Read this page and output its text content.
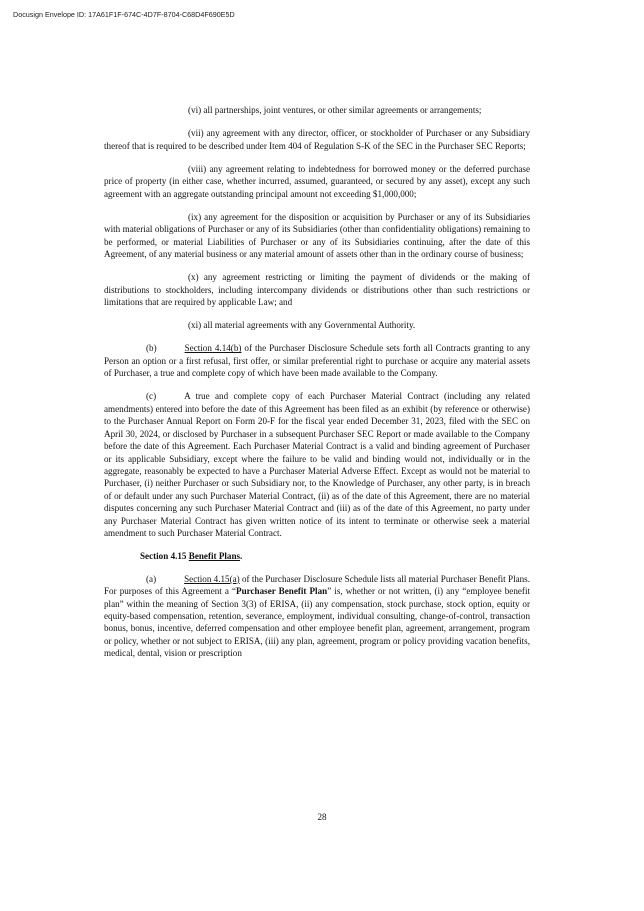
Docusign Envelope ID: 17A61F1F-674C-4D7F-8704-C68D4F690E5D

(vi) all partnerships, joint ventures, or other similar agreements or arrangements;

(vii) any agreement with any director, officer, or stockholder of Purchaser or any Subsidiary thereof that is required to be described under Item 404 of Regulation S-K of the SEC in the Purchaser SEC Reports;

(viii) any agreement relating to indebtedness for borrowed money or the deferred purchase price of property (in either case, whether incurred, assumed, guaranteed, or secured by any asset), except any such agreement with an aggregate outstanding principal amount not exceeding $1,000,000;

(ix) any agreement for the disposition or acquisition by Purchaser or any of its Subsidiaries with material obligations of Purchaser or any of its Subsidiaries (other than confidentiality obligations) remaining to be performed, or material Liabilities of Purchaser or any of its Subsidiaries continuing, after the date of this Agreement, of any material business or any material amount of assets other than in the ordinary course of business;

(x) any agreement restricting or limiting the payment of dividends or the making of distributions to stockholders, including intercompany dividends or distributions other than such restrictions or limitations that are required by applicable Law; and

(xi) all material agreements with any Governmental Authority.

(b)	Section 4.14(b) of the Purchaser Disclosure Schedule sets forth all Contracts granting to any Person an option or a first refusal, first offer, or similar preferential right to purchase or acquire any material assets of Purchaser, a true and complete copy of which have been made available to the Company.

(c)	A true and complete copy of each Purchaser Material Contract (including any related amendments) entered into before the date of this Agreement has been filed as an exhibit (by reference or otherwise) to the Purchaser Annual Report on Form 20-F for the fiscal year ended December 31, 2023, filed with the SEC on April 30, 2024, or disclosed by Purchaser in a subsequent Purchaser SEC Report or made available to the Company before the date of this Agreement. Each Purchaser Material Contract is a valid and binding agreement of Purchaser or its applicable Subsidiary, except where the failure to be valid and binding would not, individually or in the aggregate, reasonably be expected to have a Purchaser Material Adverse Effect. Except as would not be material to Purchaser, (i) neither Purchaser or such Subsidiary nor, to the Knowledge of Purchaser, any other party, is in breach of or default under any such Purchaser Material Contract, (ii) as of the date of this Agreement, there are no material disputes concerning any such Purchaser Material Contract and (iii) as of the date of this Agreement, no party under any Purchaser Material Contract has given written notice of its intent to terminate or otherwise seek a material amendment to such Purchaser Material Contract.

Section 4.15 Benefit Plans.

(a)	Section 4.15(a) of the Purchaser Disclosure Schedule lists all material Purchaser Benefit Plans. For purposes of this Agreement a “Purchaser Benefit Plan” is, whether or not written, (i) any “employee benefit plan” within the meaning of Section 3(3) of ERISA, (ii) any compensation, stock purchase, stock option, equity or equity-based compensation, retention, severance, employment, individual consulting, change-of-control, transaction bonus, bonus, incentive, deferred compensation and other employee benefit plan, agreement, arrangement, program or policy, whether or not subject to ERISA, (iii) any plan, agreement, program or policy providing vacation benefits, medical, dental, vision or prescription

28
